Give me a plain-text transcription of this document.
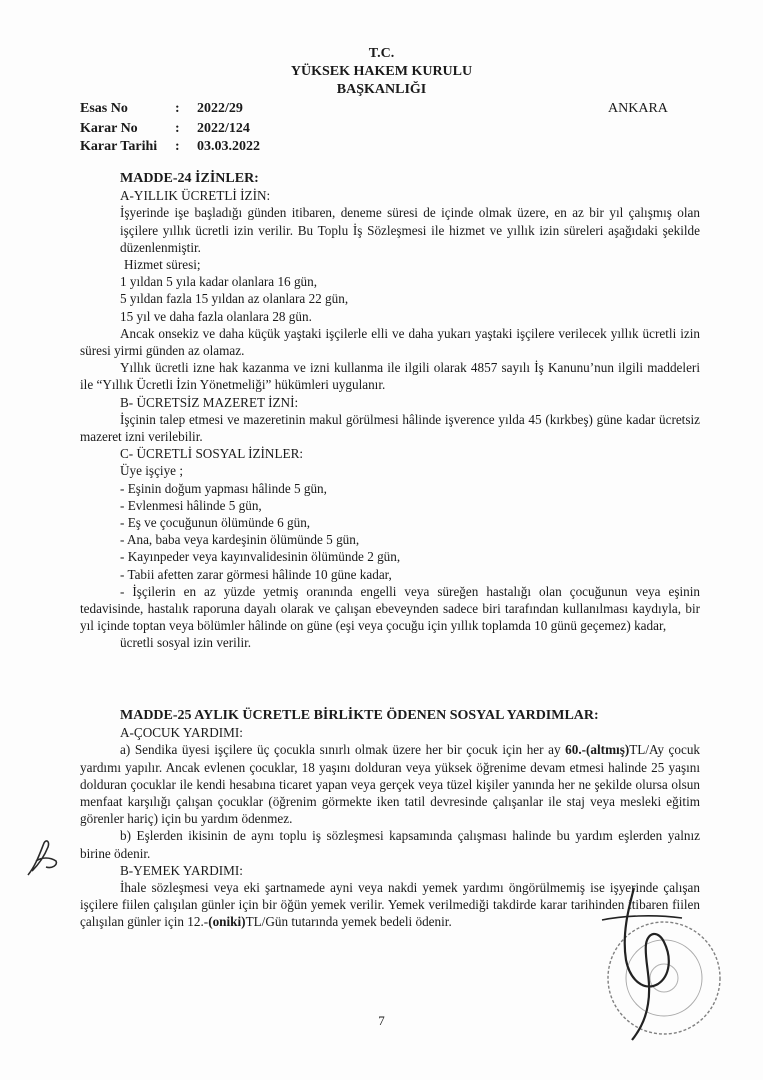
T.C.
YÜKSEK HAKEM KURULU
BAŞKANLIĞI
ANKARA
Esas No	: 2022/29
Karar No	: 2022/124
Karar Tarihi : 03.03.2022

MADDE-24 İZİNLER:

A-YILLIK ÜCRETLİ İZİN:

İşyerinde işe başladığı günden itibaren, deneme süresi de içinde olmak üzere, en az bir yıl çalışmış olan işçilere yıllık ücretli izin verilir. Bu Toplu İş Sözleşmesi ile hizmet ve yıllık izin süreleri aşağıdaki şekilde düzenlenmiştir.

Hizmet süresi;

1 yıldan 5 yıla kadar olanlara 16 gün,

5 yıldan fazla 15 yıldan az olanlara 22 gün,

15 yıl ve daha fazla olanlara 28 gün.

Ancak onsekiz ve daha küçük yaştaki işçilerle elli ve daha yukarı yaştaki işçilere verilecek yıllık ücretli izin süresi yirmi günden az olamaz.

Yıllık ücretli izne hak kazanma ve izni kullanma ile ilgili olarak 4857 sayılı İş Kanunu’nun ilgili maddeleri ile “Yıllık Ücretli İzin Yönetmeliği” hükümleri uygulanır.

B- ÜCRETSİZ MAZERET İZNİ:

İşçinin talep etmesi ve mazeretinin makul görülmesi hâlinde işverence yılda 45 (kırkbeş) güne kadar ücretsiz mazeret izni verilebilir.

C- ÜCRETLİ SOSYAL İZİNLER:

Üye işçiye ;

- Eşinin doğum yapması hâlinde 5 gün,

- Evlenmesi hâlinde 5 gün,

- Eş ve çocuğunun ölümünde 6 gün,

- Ana, baba veya kardeşinin ölümünde 5 gün,

- Kayınpeder veya kayınvalidesinin ölümünde 2 gün,

- Tabii afetten zarar görmesi hâlinde 10 güne kadar,

- İşçilerin en az yüzde yetmiş oranında engelli veya süreğen hastalığı olan çocuğunun veya eşinin tedavisinde, hastalık raporuna dayalı olarak ve çalışan ebeveynden sadece biri tarafından kullanılması kaydıyla, bir yıl içinde toptan veya bölümler hâlinde on güne (eşi veya çocuğu için yıllık toplamda 10 günü geçemez) kadar,

ücretli sosyal izin verilir.

MADDE-25 AYLIK ÜCRETLE BİRLİKTE ÖDENEN SOSYAL YARDIMLAR:

A-ÇOCUK YARDIMI:

a) Sendika üyesi işçilere üç çocukla sınırlı olmak üzere her bir çocuk için her ay 60.-(altmış)TL/Ay çocuk yardımı yapılır. Ancak evlenen çocuklar, 18 yaşını dolduran veya yüksek öğrenime devam etmesi halinde 25 yaşını dolduran çocuklar ile kendi hesabına ticaret yapan veya gerçek veya tüzel kişiler yanında her ne şekilde olursa olsun menfaat karşılığı çalışan çocuklar (öğrenim görmekte iken tatil devresinde çalışanlar ile staj veya mesleki eğitim görenler hariç) için bu yardım ödenmez.

b) Eşlerden ikisinin de aynı toplu iş sözleşmesi kapsamında çalışması halinde bu yardım eşlerden yalnız birine ödenir.

B-YEMEK YARDIMI:

İhale sözleşmesi veya eki şartnamede ayni veya nakdi yemek yardımı öngörülmemiş ise işyerinde çalışan işçilere fiilen çalışılan günler için bir öğün yemek verilir. Yemek verilmediği takdirde karar tarihinden itibaren fiilen çalışılan günler için 12.-(oniki)TL/Gün tutarında yemek bedeli ödenir.

7
